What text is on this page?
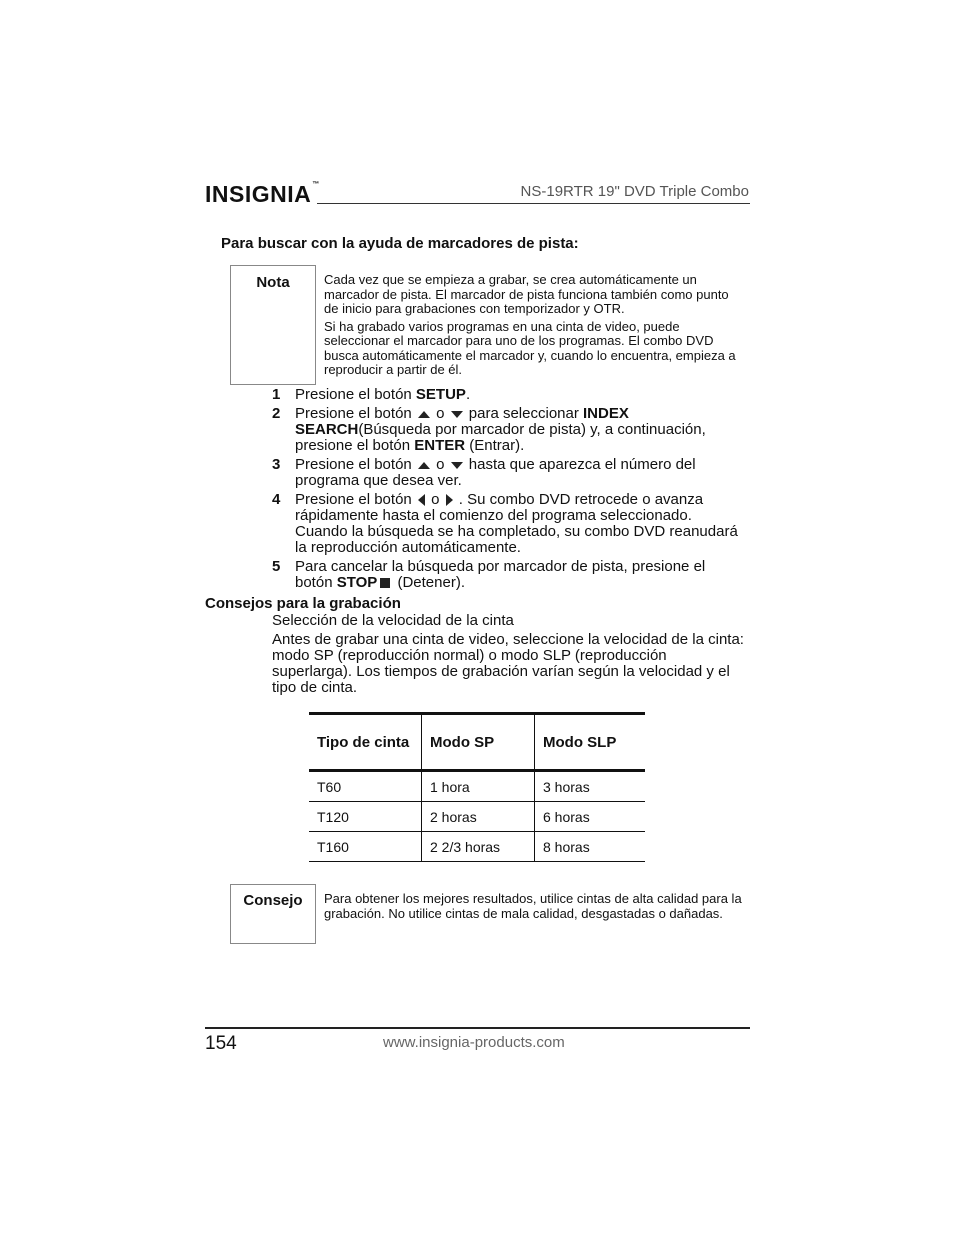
INSIGNIA™	NS-19RTR 19" DVD Triple Combo
Para buscar con la ayuda de marcadores de pista:
Nota	Cada vez que se empieza a grabar, se crea automáticamente un marcador de pista. El marcador de pista funciona también como punto de inicio para grabaciones con temporizador y OTR.

Si ha grabado varios programas en una cinta de video, puede seleccionar el marcador para uno de los programas. El combo DVD busca automáticamente el marcador y, cuando lo encuentra, empieza a reproducir a partir de él.

1 Presione el botón SETUP.
2 Presione el botón  o  para seleccionar INDEX SEARCH(Búsqueda por marcador de pista) y, a continuación, presione el botón ENTER (Entrar).
3 Presione el botón  o  hasta que aparezca el número del programa que desea ver.
4 Presione el botón  o  . Su combo DVD retrocede o avanza rápidamente hasta el comienzo del programa seleccionado. Cuando la búsqueda se ha completado, su combo DVD reanudará la reproducción automáticamente.
5 Para cancelar la búsqueda por marcador de pista, presione el botón STOP (Detener).
Consejos para la grabación
Selección de la velocidad de la cinta
Antes de grabar una cinta de video, seleccione la velocidad de la cinta: modo SP (reproducción normal) o modo SLP (reproducción superlarga). Los tiempos de grabación varían según la velocidad y el tipo de cinta.
Tipo de cinta	Modo SP	Modo SLP
T60	1 hora	3 horas
T120	2 horas	6 horas
T160	2 2/3 horas	8 horas
Consejo	Para obtener los mejores resultados, utilice cintas de alta calidad para la grabación. No utilice cintas de mala calidad, desgastadas o dañadas.
154	www.insignia-products.com
